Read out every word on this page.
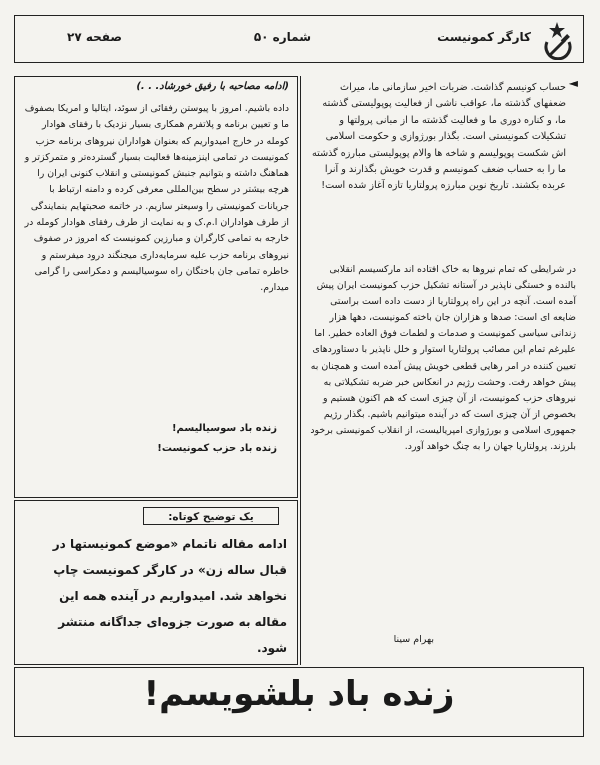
کارگر کمونیست
شماره ۵۰
صفحه ۲۷
(ادامه مصاحبه با رفیق خورشاد. . .)
داده باشیم. امروز با پیوستن رفقائی از سوئد، ایتالیا و امریکا بصفوف ما و تعیین برنامه و پلاتفرم همکاری بسیار نزدیک با رفقای هوادار کومله در خارج امیدواریم که بعنوان هواداران نیروهای برنامه حزب کمونیست در تمامی اینزمینه‌ها فعالیت بسیار گسترده‌تر و متمرکزتر و هماهنگ داشته و بتوانیم جنبش کمونیستی و انقلاب کنونی ایران را هرچه بیشتر در سطح بین‌المللی معرفی کرده و دامنه ارتباط با جریانات کمونیستی را وسیعتر سازیم. در خاتمه صحبتهایم بنمایندگی از طرف هواداران ا.م.ک و به نمایت از طرف رفقای هوادار کومله در خارجه به تمامی کارگران و مبارزین کمونیست که امروز در صفوف نیروهای برنامه حزب علیه سرمایه‌داری میجنگند درود میفرستم و خاطره تمامی جان باختگان راه سوسیالیسم و دمکراسی را گرامی میدارم.
زنده باد سوسیالیسم!
زنده باد حزب کمونیست!
یک توضیح کوتاه:
ادامه مقاله ناتمام «موضع کمونیستها در قبال ساله زن» در کارگر کمونیست چاپ نخواهد شد. امیدواریم در آینده همه این مقاله به صورت جزوه‌ای جداگانه منتشر شود.
◄
حساب کونیسم گذاشت. ضربات اخیر سازمانی ما، میراث ضعفهای گذشته ما، عواقب ناشی از فعالیت پوپولیستی گذشته ما، و کناره دوری ما و فعالیت گذشته ما از مبانی پرولتها و تشکیلات کمونیستی است. بگذار بورژوازی و حکومت اسلامی اش شکست پوپولیسم و شاخه ها والام پوپولیستی مبارزه گذشته ما را به حساب ضعف کمونیسم و قدرت خویش بگذارند و آنرا عربده بکشند. تاریخ نوین مبارزه پرولتاریا تازه آغاز شده است!
در شرایطی که تمام نیروها به خاک افتاده اند مارکسیسم انقلابی بالنده و خستگی ناپذیر در آستانه تشکیل حزب کمونیست ایران پیش آمده است. آنچه در این راه پرولتاریا از دست داده است براستی ضایعه ای است: صدها و هزاران جان باخته کمونیست، دهها هزار زندانی سیاسی کمونیست و صدمات و لطمات فوق العاده خطیر. اما علیرغم تمام این مصائب پرولتاریا استوار و خلل ناپذیر با دستاوردهای تعیین کننده در امر رهایی قطعی خویش پیش آمده است و همچنان به پیش خواهد رفت. وحشت رژیم در انعکاس خبر ضربه تشکیلاتی به نیروهای حزب کمونیست، از آن چیزی است که هم اکنون هستیم و بخصوص از آن چیزی است که در آینده میتوانیم باشیم. بگذار رژیم جمهوری اسلامی و بورژوازی امپریالیست، از انقلاب کمونیستی برخود بلرزند. پرولتاریا جهان را به چنگ خواهد آورد.
بهرام سینا
زنده باد بلشویسم!
